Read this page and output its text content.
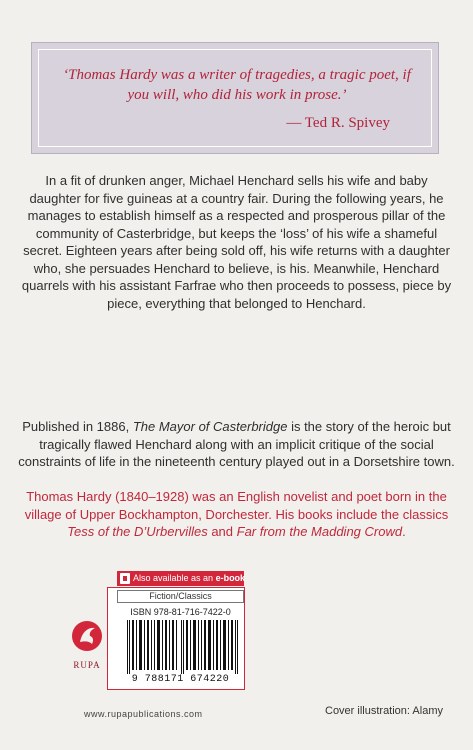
‘Thomas Hardy was a writer of tragedies, a tragic poet, if you will, who did his work in prose.’
— Ted R. Spivey
In a fit of drunken anger, Michael Henchard sells his wife and baby daughter for five guineas at a country fair. During the following years, he manages to establish himself as a respected and prosperous pillar of the community of Casterbridge, but keeps the ‘loss’ of his wife a shameful secret. Eighteen years after being sold off, his wife returns with a daughter who, she persuades Henchard to believe, is his. Meanwhile, Henchard quarrels with his assistant Farfrae who then proceeds to possess, piece by piece, everything that belonged to Henchard.
Published in 1886, The Mayor of Casterbridge is the story of the heroic but tragically flawed Henchard along with an implicit critique of the social constraints of life in the nineteenth century played out in a Dorsetshire town.
Thomas Hardy (1840–1928) was an English novelist and poet born in the village of Upper Bockhampton, Dorchester. His books include the classics Tess of the D’Urbervilles and Far from the Madding Crowd.
Also available as an e-book
Fiction/Classics
ISBN 978-81-716-7422-0
9 788171 674220
RUPA
www.rupapublications.com	Cover illustration: Alamy
